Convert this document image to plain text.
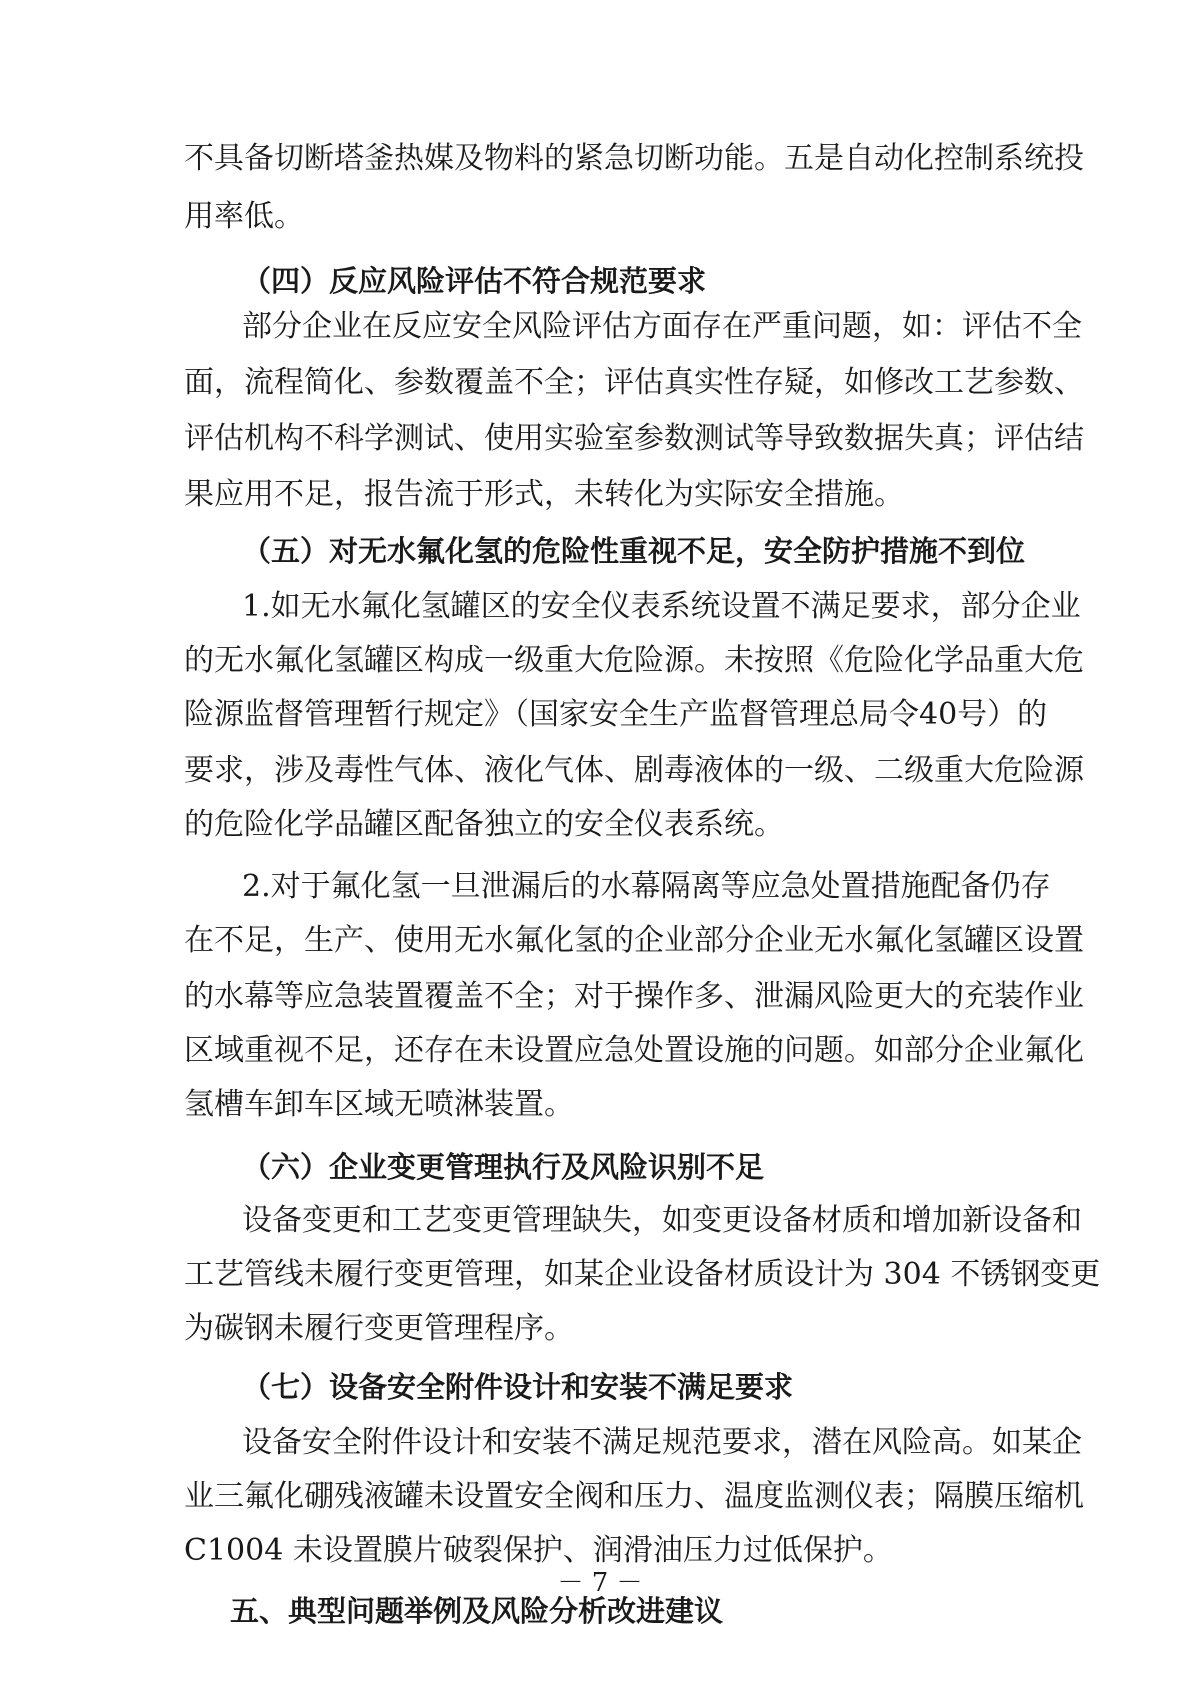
不具备切断塔釜热媒及物料的紧急切断功能。五是自动化控制系统投
用率低。
（四）反应风险评估不符合规范要求
部分企业在反应安全风险评估方面存在严重问题，如：评估不全
面，流程简化、参数覆盖不全；评估真实性存疑，如修改工艺参数、
评估机构不科学测试、使用实验室参数测试等导致数据失真；评估结
果应用不足，报告流于形式，未转化为实际安全措施。
（五）对无水氟化氢的危险性重视不足，安全防护措施不到位
1.如无水氟化氢罐区的安全仪表系统设置不满足要求，部分企业
的无水氟化氢罐区构成一级重大危险源。未按照《危险化学品重大危
险源监督管理暂行规定》（国家安全生产监督管理总局令40号）的
要求，涉及毒性气体、液化气体、剧毒液体的一级、二级重大危险源
的危险化学品罐区配备独立的安全仪表系统。
2.对于氟化氢一旦泄漏后的水幕隔离等应急处置措施配备仍存
在不足，生产、使用无水氟化氢的企业部分企业无水氟化氢罐区设置
的水幕等应急装置覆盖不全；对于操作多、泄漏风险更大的充装作业
区域重视不足，还存在未设置应急处置设施的问题。如部分企业氟化
氢槽车卸车区域无喷淋装置。
（六）企业变更管理执行及风险识别不足
设备变更和工艺变更管理缺失，如变更设备材质和增加新设备和
工艺管线未履行变更管理，如某企业设备材质设计为 304 不锈钢变更
为碳钢未履行变更管理程序。
（七）设备安全附件设计和安装不满足要求
设备安全附件设计和安装不满足规范要求，潜在风险高。如某企
业三氟化硼残液罐未设置安全阀和压力、温度监测仪表；隔膜压缩机
C1004 未设置膜片破裂保护、润滑油压力过低保护。
五、典型问题举例及风险分析改进建议
－ 7 －
